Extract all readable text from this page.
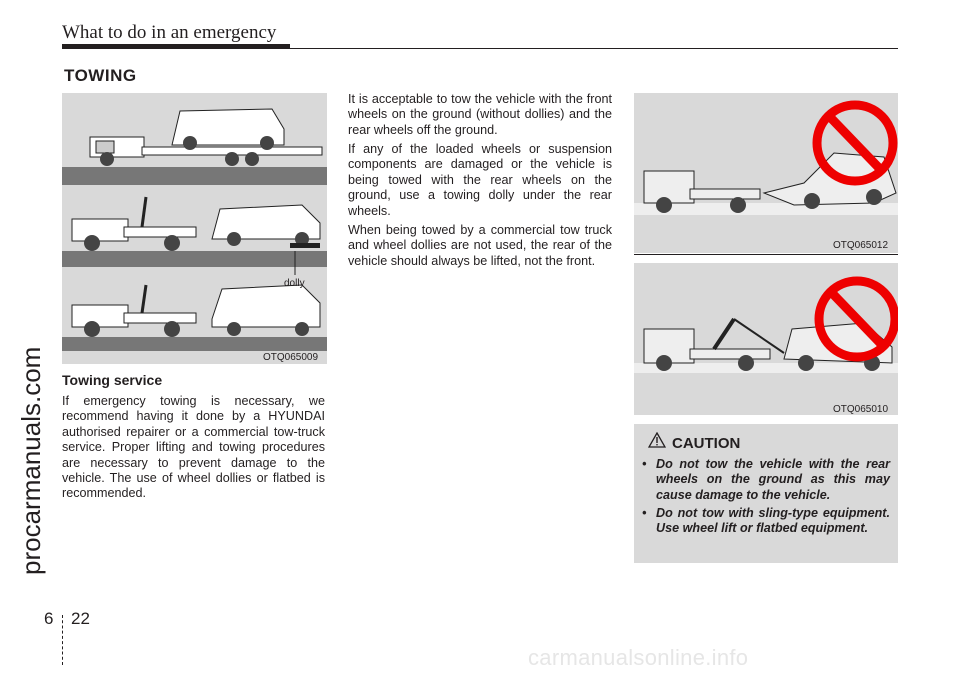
What to do in an emergency
TOWING
OTQ065009
dolly
OTQ065012
OTQ065010
Towing service
If emergency towing is necessary, we recommend having it done by a HYUNDAI authorised repairer or a commercial tow-truck service. Proper lifting and towing procedures are necessary to prevent damage to the vehicle. The use of wheel dollies or flatbed is recommended.
It is acceptable to tow the vehicle with the front wheels on the ground (without dollies) and the rear wheels off the ground.
If any of the loaded wheels or suspension components are damaged or the vehicle is being towed with the rear wheels on the ground, use a towing dolly under the rear wheels.
When being towed by a commercial tow truck and wheel dollies are not used, the rear of the vehicle should always be lifted, not the front.
CAUTION
• Do not tow the vehicle with the rear wheels on the ground as this may cause damage to the vehicle.
• Do not tow with sling-type equipment. Use wheel lift or flatbed equipment.
procarmanuals.com
6 22
carmanualsonline.info
